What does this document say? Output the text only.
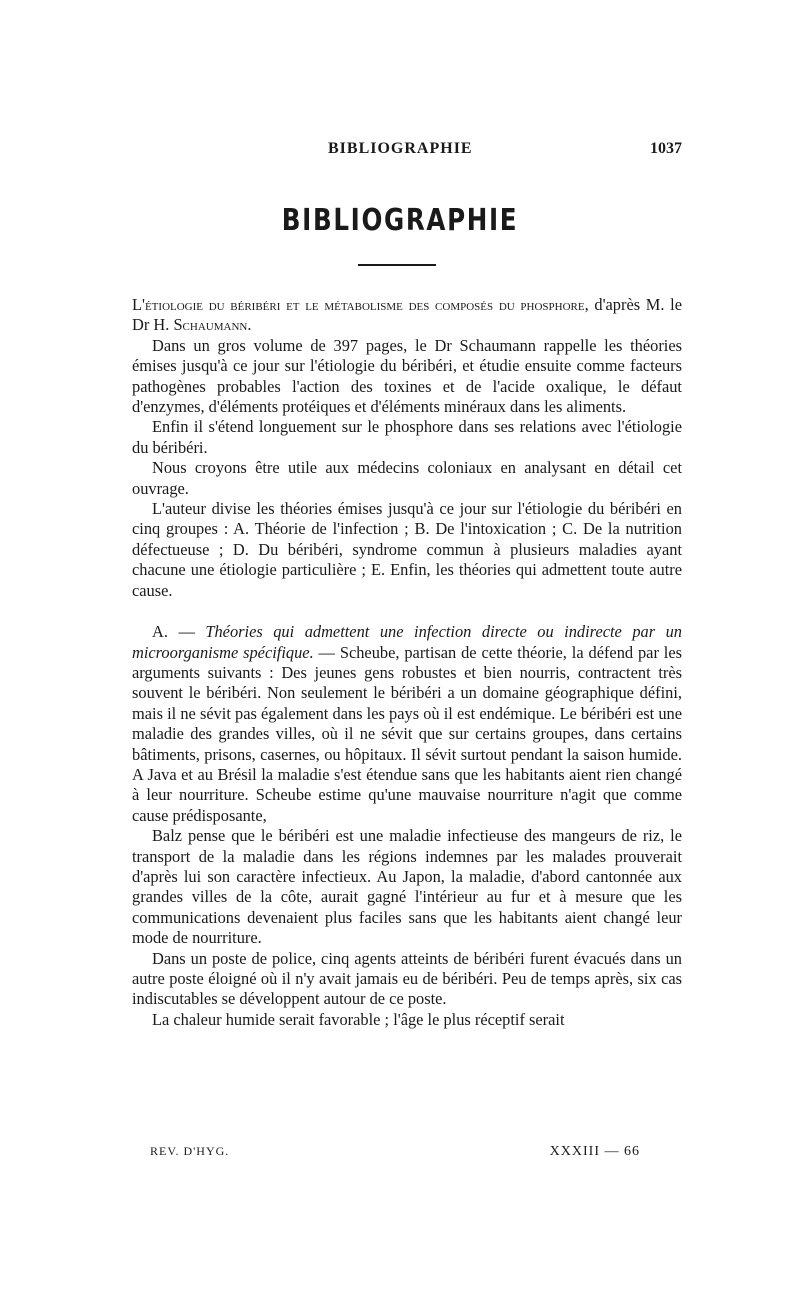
BIBLIOGRAPHIE	1037
BIBLIOGRAPHIE

L'étiologie du béribéri et le métabolisme des composés du phosphore, d'après M. le Dr H. Schaumann.

Dans un gros volume de 397 pages, le Dr Schaumann rappelle les théories émises jusqu'à ce jour sur l'étiologie du béribéri, et étudie ensuite comme facteurs pathogènes probables l'action des toxines et de l'acide oxalique, le défaut d'enzymes, d'éléments protéiques et d'éléments minéraux dans les aliments.

Enfin il s'étend longuement sur le phosphore dans ses relations avec l'étiologie du béribéri.

Nous croyons être utile aux médecins coloniaux en analysant en détail cet ouvrage.

L'auteur divise les théories émises jusqu'à ce jour sur l'étiologie du béribéri en cinq groupes : A. Théorie de l'infection ; B. De l'intoxication ; C. De la nutrition défectueuse ; D. Du béribéri, syndrome commun à plusieurs maladies ayant chacune une étiologie particulière ; E. Enfin, les théories qui admettent toute autre cause.

A. — Théories qui admettent une infection directe ou indirecte par un microorganisme spécifique. — Scheube, partisan de cette théorie, la défend par les arguments suivants : Des jeunes gens robustes et bien nourris, contractent très souvent le béribéri. Non seulement le béribéri a un domaine géographique défini, mais il ne sévit pas également dans les pays où il est endémique. Le béribéri est une maladie des grandes villes, où il ne sévit que sur certains groupes, dans certains bâtiments, prisons, casernes, ou hôpitaux. Il sévit surtout pendant la saison humide. A Java et au Brésil la maladie s'est étendue sans que les habitants aient rien changé à leur nourriture. Scheube estime qu'une mauvaise nourriture n'agit que comme cause prédisposante,

Balz pense que le béribéri est une maladie infectieuse des mangeurs de riz, le transport de la maladie dans les régions indemnes par les malades prouverait d'après lui son caractère infectieux. Au Japon, la maladie, d'abord cantonnée aux grandes villes de la côte, aurait gagné l'intérieur au fur et à mesure que les communications devenaient plus faciles sans que les habitants aient changé leur mode de nourriture.

Dans un poste de police, cinq agents atteints de béribéri furent évacués dans un autre poste éloigné où il n'y avait jamais eu de béribéri. Peu de temps après, six cas indiscutables se développent autour de ce poste.

La chaleur humide serait favorable ; l'âge le plus réceptif serait

REV. D'HYG.	XXXIII — 66
